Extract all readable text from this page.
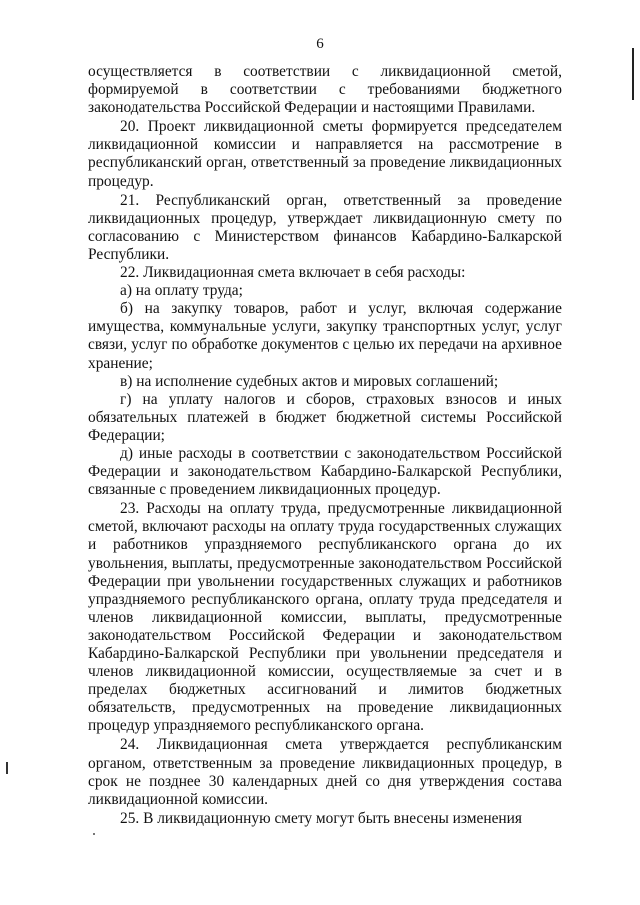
6

осуществляется в соответствии с ликвидационной сметой, формируемой в соответствии с требованиями бюджетного законодательства Российской Федерации и настоящими Правилами.

20. Проект ликвидационной сметы формируется председателем ликвидационной комиссии и направляется на рассмотрение в республиканский орган, ответственный за проведение ликвидационных процедур.

21. Республиканский орган, ответственный за проведение ликвидационных процедур, утверждает ликвидационную смету по согласованию с Министерством финансов Кабардино-Балкарской Республики.

22. Ликвидационная смета включает в себя расходы:

а) на оплату труда;

б) на закупку товаров, работ и услуг, включая содержание имущества, коммунальные услуги, закупку транспортных услуг, услуг связи, услуг по обработке документов с целью их передачи на архивное хранение;

в) на исполнение судебных актов и мировых соглашений;

г) на уплату налогов и сборов, страховых взносов и иных обязательных платежей в бюджет бюджетной системы Российской Федерации;

д) иные расходы в соответствии с законодательством Российской Федерации и законодательством Кабардино-Балкарской Республики, связанные с проведением ликвидационных процедур.

23. Расходы на оплату труда, предусмотренные ликвидационной сметой, включают расходы на оплату труда государственных служащих и работников упраздняемого республиканского органа до их увольнения, выплаты, предусмотренные законодательством Российской Федерации при увольнении государственных служащих и работников упраздняемого республиканского органа, оплату труда председателя и членов ликвидационной комиссии, выплаты, предусмотренные законодательством Российской Федерации и законодательством Кабардино-Балкарской Республики при увольнении председателя и членов ликвидационной комиссии, осуществляемые за счет и в пределах бюджетных ассигнований и лимитов бюджетных обязательств, предусмотренных на проведение ликвидационных процедур упраздняемого республиканского органа.

24. Ликвидационная смета утверждается республиканским органом, ответственным за проведение ликвидационных процедур, в срок не позднее 30 календарных дней со дня утверждения состава ликвидационной комиссии.

25. В ликвидационную смету могут быть внесены изменения
